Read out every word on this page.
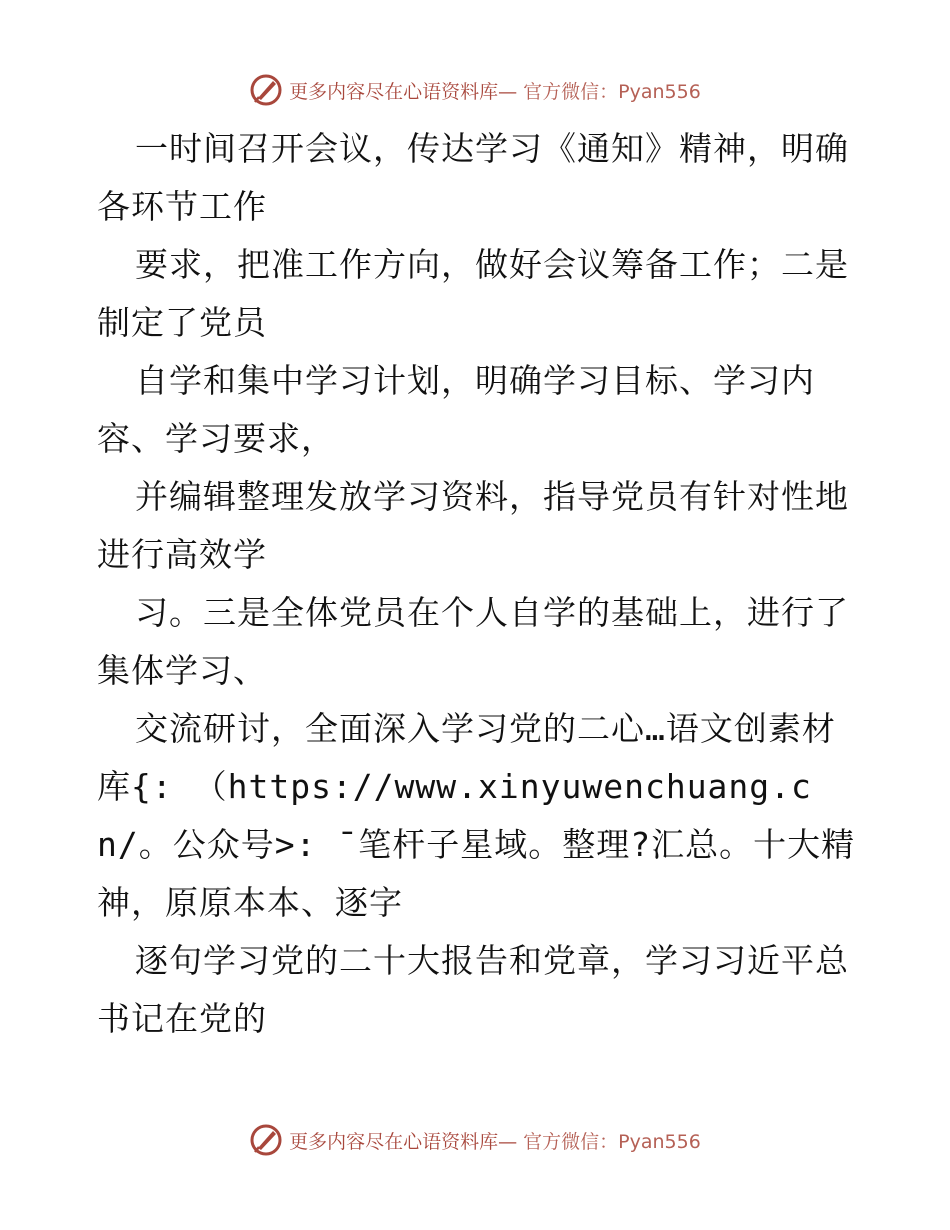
更多内容尽在心语资料库— 官方微信：Pyan556

一时间召开会议，传达学习《通知》精神，明确各环节工作

要求，把准工作方向，做好会议筹备工作；二是制定了党员

自学和集中学习计划，明确学习目标、学习内容、学习要求，

并编辑整理发放学习资料，指导党员有针对性地进行高效学

习。三是全体党员在个人自学的基础上，进行了集体学习、

交流研讨，全面深入学习党的二心…语文创素材库{: （https://www.xinyuwenchuang.cn/。公众号>: ¯笔杆子星域。整理?汇总。十大精神，原原本本、逐字

逐句学习党的二十大报告和党章，学习习近平总书记在党的

更多内容尽在心语资料库— 官方微信：Pyan556
